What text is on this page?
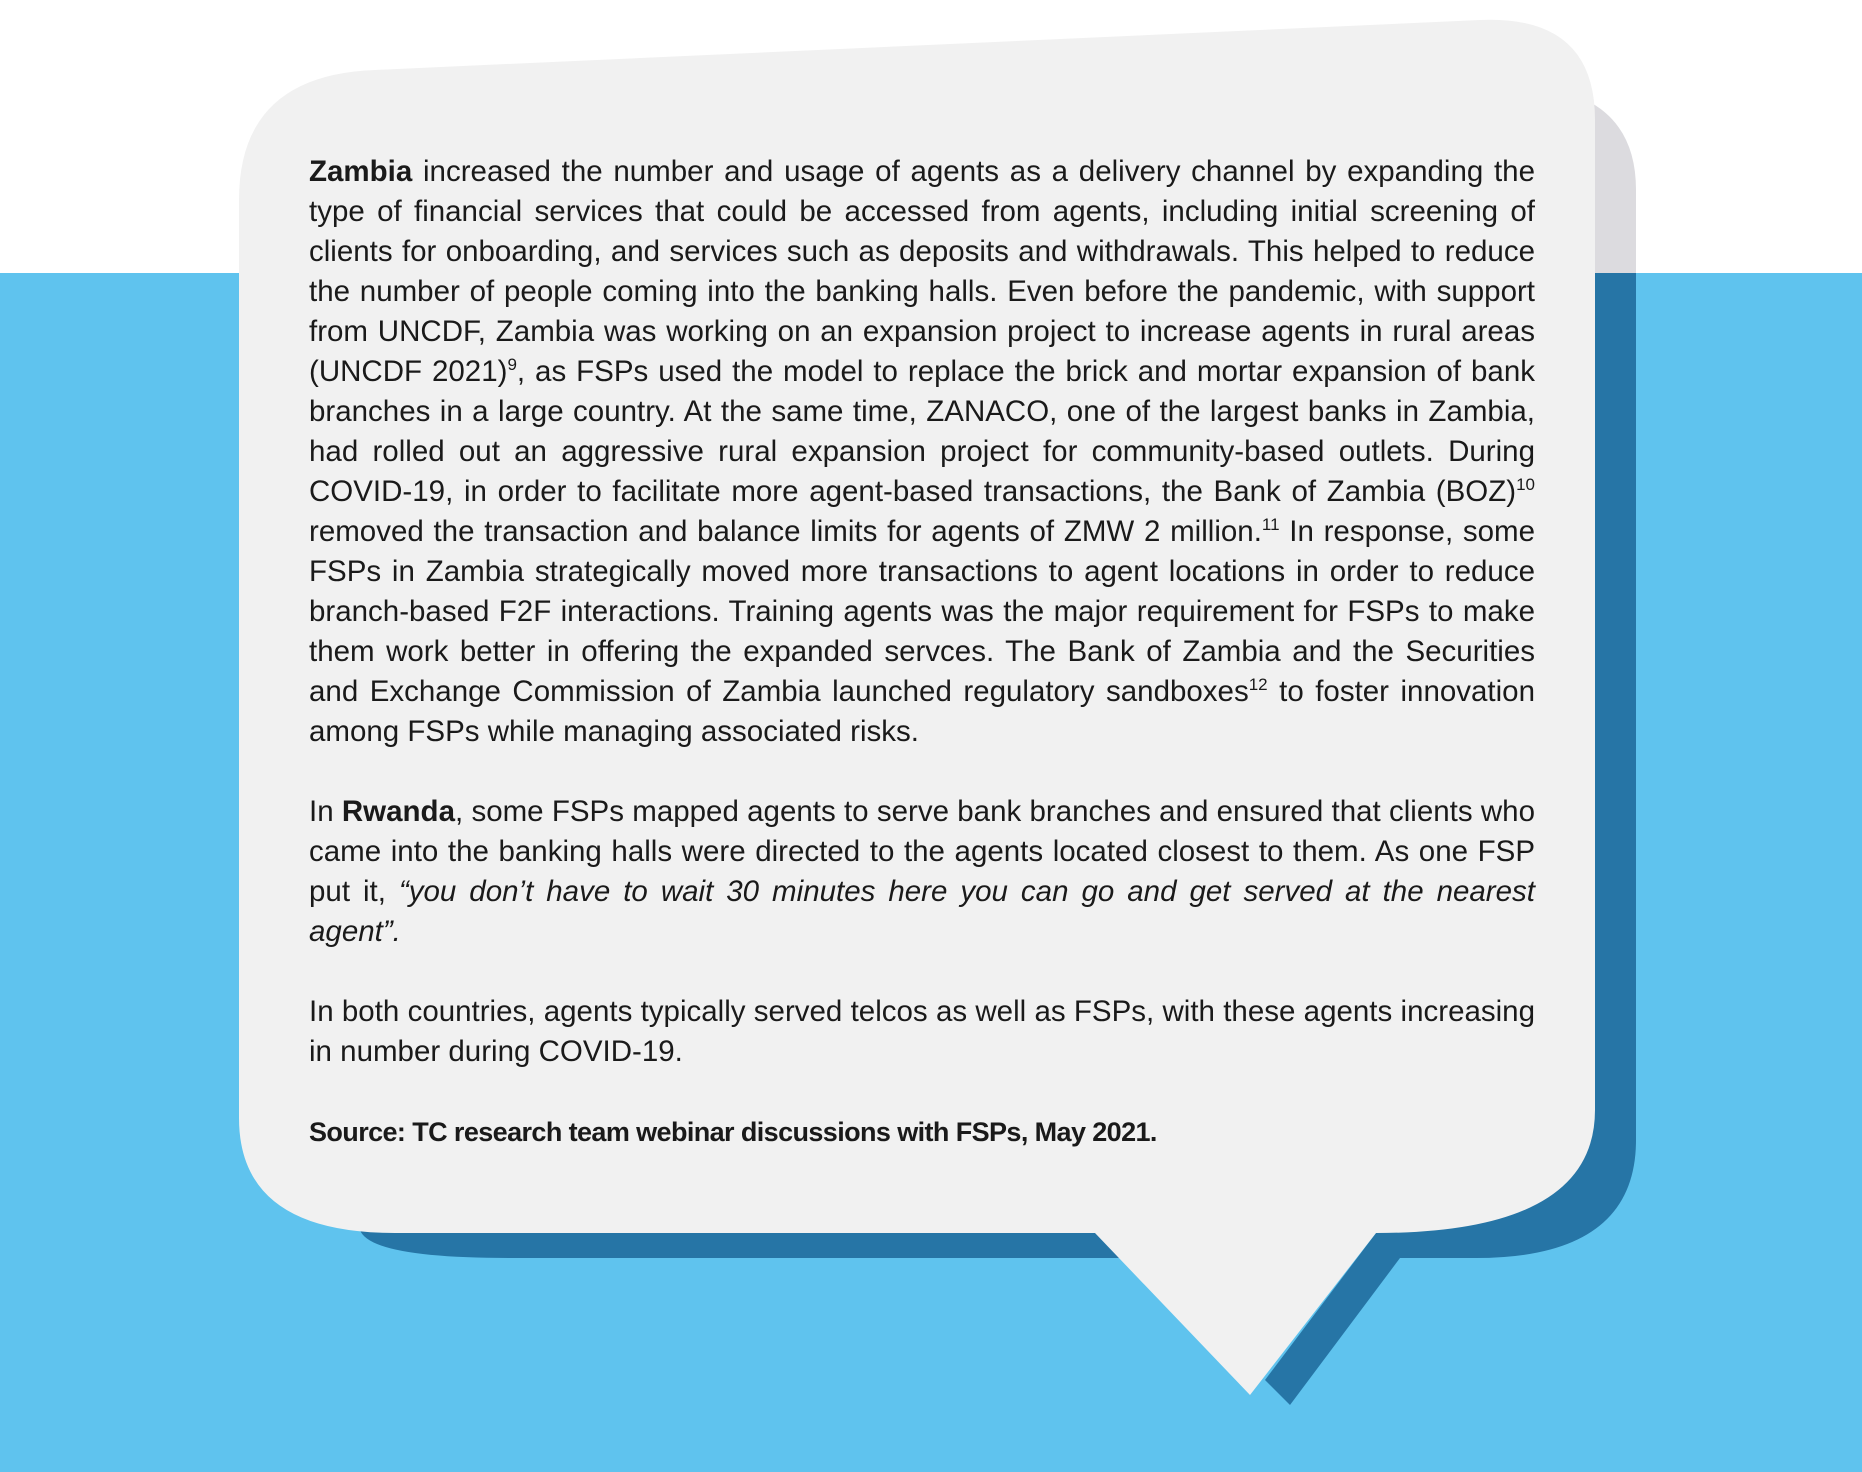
Zambia increased the number and usage of agents as a delivery channel by expanding the type of financial services that could be accessed from agents, including initial screening of clients for onboarding, and services such as deposits and withdrawals. This helped to reduce the number of people coming into the banking halls. Even before the pandemic, with support from UNCDF, Zambia was working on an expansion project to increase agents in rural areas (UNCDF 2021)$^9$, as FSPs used the model to replace the brick and mortar expansion of bank branches in a large country. At the same time, ZANACO, one of the largest banks in Zambia, had rolled out an aggressive rural expansion project for community-based outlets. During COVID-19, in order to facilitate more agent-based transactions, the Bank of Zambia (BOZ)$^{10}$ removed the transaction and balance limits for agents of ZMW 2 million.$^{11}$ In response, some FSPs in Zambia strategically moved more transactions to agent locations in order to reduce branch-based F2F interactions. Training agents was the major requirement for FSPs to make them work better in offering the expanded servces. The Bank of Zambia and the Securities and Exchange Commission of Zambia launched regulatory sandboxes$^{12}$ to foster innovation among FSPs while managing associated risks.

In Rwanda, some FSPs mapped agents to serve bank branches and ensured that clients who came into the banking halls were directed to the agents located closest to them. As one FSP put it, “you don’t have to wait 30 minutes here you can go and get served at the nearest agent”.

In both countries, agents typically served telcos as well as FSPs, with these agents increasing in number during COVID-19.

Source: TC research team webinar discussions with FSPs, May 2021.
